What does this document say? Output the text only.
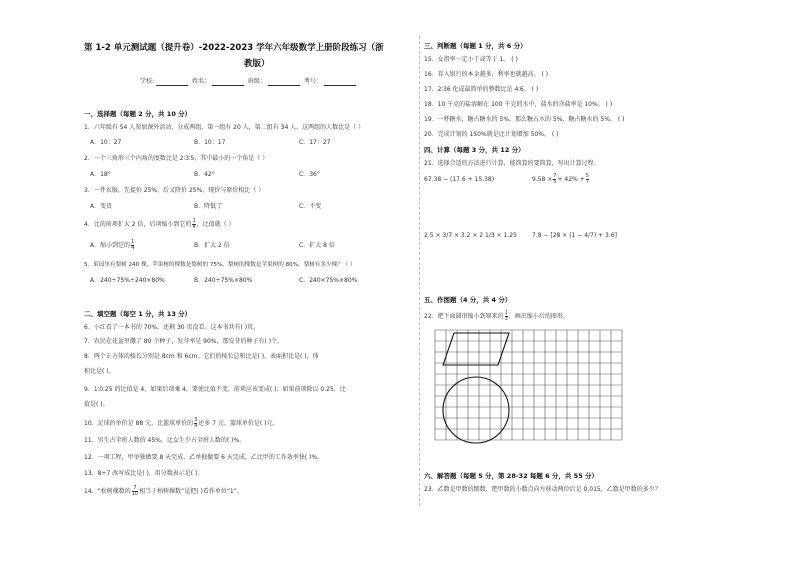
第 1-2 单元测试题（提升卷）-2022-2023 学年六年级数学上册阶段练习（浙
教版）
学校:	姓名：	班级：	考号：
一、选择题（每题 2 分，共 10 分）
1．六年级有 54 人参加课外活动，分成两组，第一组有 20 人，第二组有 34 人，这两组的人数比是（ ）
A．10：27	B．10：17	C．17：27
2．一个三角形三个内角的度数比是 2∶3∶5，其中最小的一个角是（ ）
A．18°	B．42°	C．36°
3．一件衣服，先提价 25%，后又降价 25%，现价与原价相比（ ）
A．变贵	B．降低了	C．不变
4．比的前项扩大 2 倍，后项缩小到它的 $\frac{1}{4}$ ，比值就（ ）
A．缩小到它的 $\frac{1}{4}$	B．扩大 2 倍	C．扩大 8 倍
5．果园里有梨树 240 棵，苹果树的棵数是梨树的 75%，梨树的棵数是苹果树的 80%，梨树有多少棵？（ ）
A．240÷75%÷240×80%	B．240÷75%×80%	C．240×75%×80%
二、填空题（每空 1 分，共 13 分）
6．小红看了一本书的 70%，还剩 30 页没看。这本书共有( )页。
7．农民在花盆里撒了 80 个种子，发芽率是 90%，那发芽的种子有( )个。
8．两个正方体的棱长分别是 8cm 和 6cm。它们的棱长总和比是( )，表面积比是( )，体
积比是( )。
9．1∶0.25 的比值是 4，如果后项乘 4，要使比值不变，前项应该变成( )；如果前项除以 0.25，比
值是( )。
10．足球的单价是 88 元，比篮球单价的 $\frac{3}{4}$ 还多 7 元。篮球单价是( )元。
11．男生占全班人数的 45%，比女生少占全班人数的( )%。
12．一项工程，甲单独做要 8 天完成，乙单独做要 6 天完成，乙比甲的工作效率快( )%。
13．8÷7 改写成比是( )，用分数表示是( )。
14．“松树棵数的 $\frac{7}{10}$ 相当于柏树棵数”是把( )看作单位“1”。
三、判断题（每题 1 分，共 6 分）
15．女指率一定小于或等于 1。 ( )
16．存入银行的本金越多，利率也就越高。 ( )
17．2∶36 化成最简单的整数比是 4∶6。 ( )
18．10 千克的盐溶解在 100 千克的水中，盐水的含盐率是 10%。 ( )
19．一杯糖水，糖占糖水的 5%，那么糖占水的 5%，糖占糖水的 5%。 ( )
20．完成计划的 150%就是比计划增加 50%。 ( )
四、计算（每题 3 分，共 12 分）
21．选择合适的方法进行计算，能简算的要简算，写出计算过程。
67.38 − (17.6 + 15.38)	$9.58 \times \frac{7}{5} + 42\% + \frac{5}{7}$
2.5 × 3/7 × 3.2 × 2 1/3 × 1.25	7.8 − [28 × (1 − 4/7) + 3.6]
五、作图题（4 分，共 4 分）
22．把下面圆形缩小到原来的 $\frac{1}{3}$ ，画出缩小后的图形。
六、解答题（每题 5 分，第 28-32 每题 6 分，共 55 分）
23．乙数是甲数的倒数，把甲数的小数点向左移动两位后是 0.015，乙数是甲数的多少？
